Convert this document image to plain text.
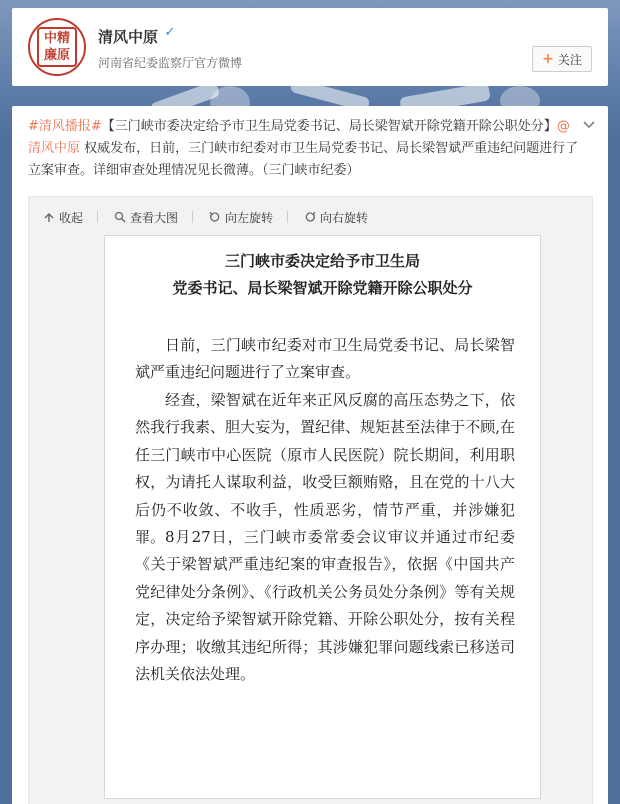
中精
廉原
清风中原 ✓
河南省纪委监察厅官方微博	+ 关注
#清风播报#【三门峡市委决定给予市卫生局党委书记、局长梁智斌开除党籍开除公职处分】@清风中原 权威发布，日前，三门峡市纪委对市卫生局党委书记、局长梁智斌严重违纪问题进行了立案审查。详细审查处理情况见长微薄。（三门峡市纪委）
收起	查看大图	向左旋转	向右旋转
三门峡市委决定给予市卫生局
党委书记、局长梁智斌开除党籍开除公职处分
日前，三门峡市纪委对市卫生局党委书记、局长梁智斌严重违纪问题进行了立案审查。
经查，梁智斌在近年来正风反腐的高压态势之下，依然我行我素、胆大妄为，置纪律、规矩甚至法律于不顾,在任三门峡市中心医院（原市人民医院）院长期间，利用职权，为请托人谋取利益，收受巨额贿赂，且在党的十八大后仍不收敛、不收手，性质恶劣，情节严重，并涉嫌犯罪。 8月27日，三门峡市委常委会议审议并通过市纪委《关于梁智斌严重违纪案的审查报告》，依据《中国共产党纪律处分条例》、《行政机关公务员处分条例》等有关规定，决定给予梁智斌开除党籍、开除公职处分，按有关程序办理；收缴其违纪所得；其涉嫌犯罪问题线索已移送司法机关依法处理。
